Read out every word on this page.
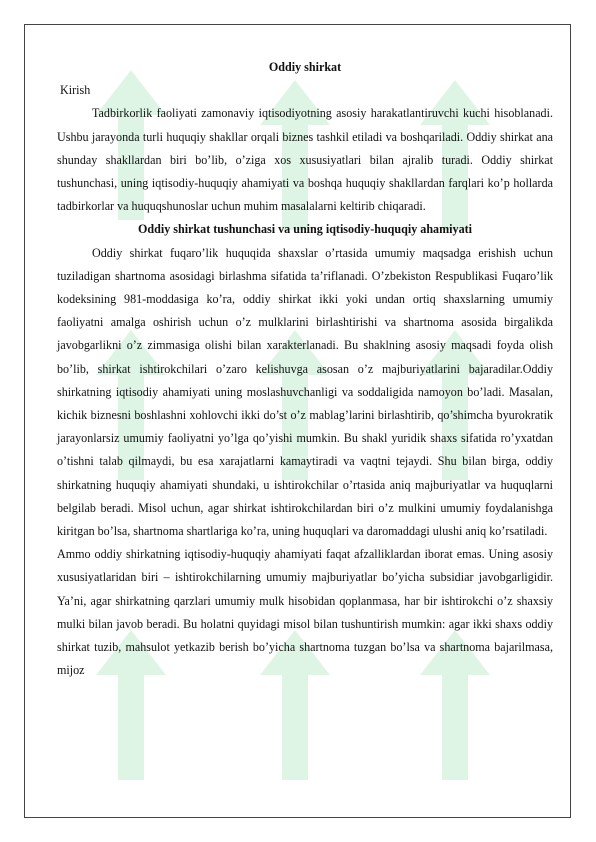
Oddiy shirkat

Kirish

Tadbirkorlik faoliyati zamonaviy iqtisodiyotning asosiy harakatlantiruvchi kuchi hisoblanadi. Ushbu jarayonda turli huquqiy shakllar orqali biznes tashkil etiladi va boshqariladi. Oddiy shirkat ana shunday shakllardan biri bo’lib, o’ziga xos xususiyatlari bilan ajralib turadi. Oddiy shirkat tushunchasi, uning iqtisodiy-huquqiy ahamiyati va boshqa huquqiy shakllardan farqlari ko’p hollarda tadbirkorlar va huquqshunoslar uchun muhim masalalarni keltirib chiqaradi.

Oddiy shirkat tushunchasi va uning iqtisodiy-huquqiy ahamiyati

Oddiy shirkat fuqaro’lik huquqida shaxslar o’rtasida umumiy maqsadga erishish uchun tuziladigan shartnoma asosidagi birlashma sifatida ta’riflanadi. O’zbekiston Respublikasi Fuqaro’lik kodeksining 981-moddasiga ko’ra, oddiy shirkat ikki yoki undan ortiq shaxslarning umumiy faoliyatni amalga oshirish uchun o’z mulklarini birlashtirishi va shartnoma asosida birgalikda javobgarlikni o’z zimmasiga olishi bilan xarakterlanadi. Bu shaklning asosiy maqsadi foyda olish bo’lib, shirkat ishtirokchilari o’zaro kelishuvga asosan o’z majburiyatlarini bajaradilar.Oddiy shirkatning iqtisodiy ahamiyati uning moslashuvchanligi va soddaligida namoyon bo’ladi. Masalan, kichik biznesni boshlashni xohlovchi ikki do’st o’z mablag’larini birlashtirib, qo’shimcha byurokratik jarayonlarsiz umumiy faoliyatni yo’lga qo’yishi mumkin. Bu shakl yuridik shaxs sifatida ro’yxatdan o’tishni talab qilmaydi, bu esa xarajatlarni kamaytiradi va vaqtni tejaydi. Shu bilan birga, oddiy shirkatning huquqiy ahamiyati shundaki, u ishtirokchilar o’rtasida aniq majburiyatlar va huquqlarni belgilab beradi. Misol uchun, agar shirkat ishtirokchilardan biri o’z mulkini umumiy foydalanishga kiritgan bo’lsa, shartnoma shartlariga ko’ra, uning huquqlari va daromaddagi ulushi aniq ko’rsatiladi.

Ammo oddiy shirkatning iqtisodiy-huquqiy ahamiyati faqat afzalliklardan iborat emas. Uning asosiy xususiyatlaridan biri – ishtirokchilarning umumiy majburiyatlar bo’yicha subsidiar javobgarligidir. Ya’ni, agar shirkatning qarzlari umumiy mulk hisobidan qoplanmasa, har bir ishtirokchi o’z shaxsiy mulki bilan javob beradi. Bu holatni quyidagi misol bilan tushuntirish mumkin: agar ikki shaxs oddiy shirkat tuzib, mahsulot yetkazib berish bo’yicha shartnoma tuzgan bo’lsa va shartnoma bajarilmasa, mijoz
